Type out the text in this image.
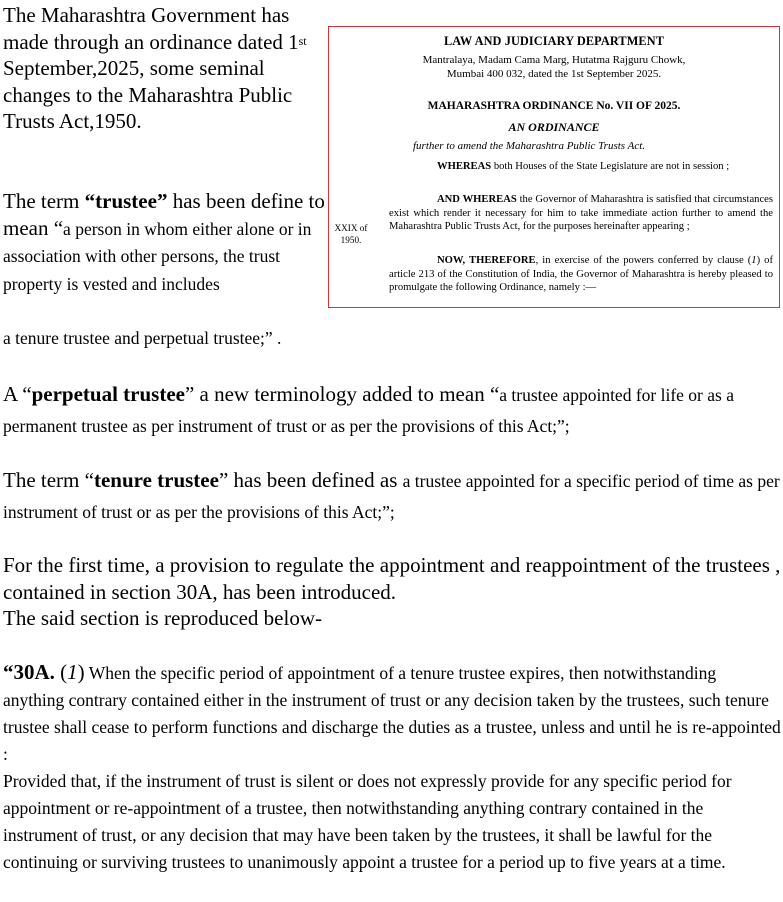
The Maharashtra Government has made through an ordinance dated 1st September,2025, some seminal changes to the Maharashtra Public Trusts Act,1950.
LAW AND JUDICIARY DEPARTMENT
Mantralaya, Madam Cama Marg, Hutatma Rajguru Chowk,
Mumbai 400 032, dated the 1st September 2025.
MAHARASHTRA ORDINANCE No. VII OF 2025.
AN ORDINANCE
further to amend the Maharashtra Public Trusts Act.
WHEREAS both Houses of the State Legislature are not in session ;
AND WHEREAS the Governor of Maharashtra is satisfied that circumstances exist which render it necessary for him to take immediate action further to amend the Maharashtra Public Trusts Act, for the purposes hereinafter appearing ;
XXIX of
1950.
NOW, THEREFORE, in exercise of the powers conferred by clause (1) of article 213 of the Constitution of India, the Governor of Maharashtra is hereby pleased to promulgate the following Ordinance, namely :—
The term “trustee” has been define to mean “a person in whom either alone or in association with other persons, the trust property is vested and includes
a tenure trustee and perpetual trustee;” .
A “perpetual trustee” a new terminology added to mean “a trustee appointed for life or as a permanent trustee as per instrument of trust or as per the provisions of this Act;”;
The term “tenure trustee” has been defined as a trustee appointed for a specific period of time as per instrument of trust or as per the provisions of this Act;”;
For the first time, a provision to regulate the appointment and reappointment of the trustees , contained in section 30A, has been introduced.
The said section is reproduced below-
“30A. (1) When the specific period of appointment of a tenure trustee expires, then notwithstanding anything contrary contained either in the instrument of trust or any decision taken by the trustees, such tenure trustee shall cease to perform functions and discharge the duties as a trustee, unless and until he is re-appointed :
Provided that, if the instrument of trust is silent or does not expressly provide for any specific period for appointment or re-appointment of a trustee, then notwithstanding anything contrary contained in the instrument of trust, or any decision that may have been taken by the trustees, it shall be lawful for the continuing or surviving trustees to unanimously appoint a trustee for a period up to five years at a time.
